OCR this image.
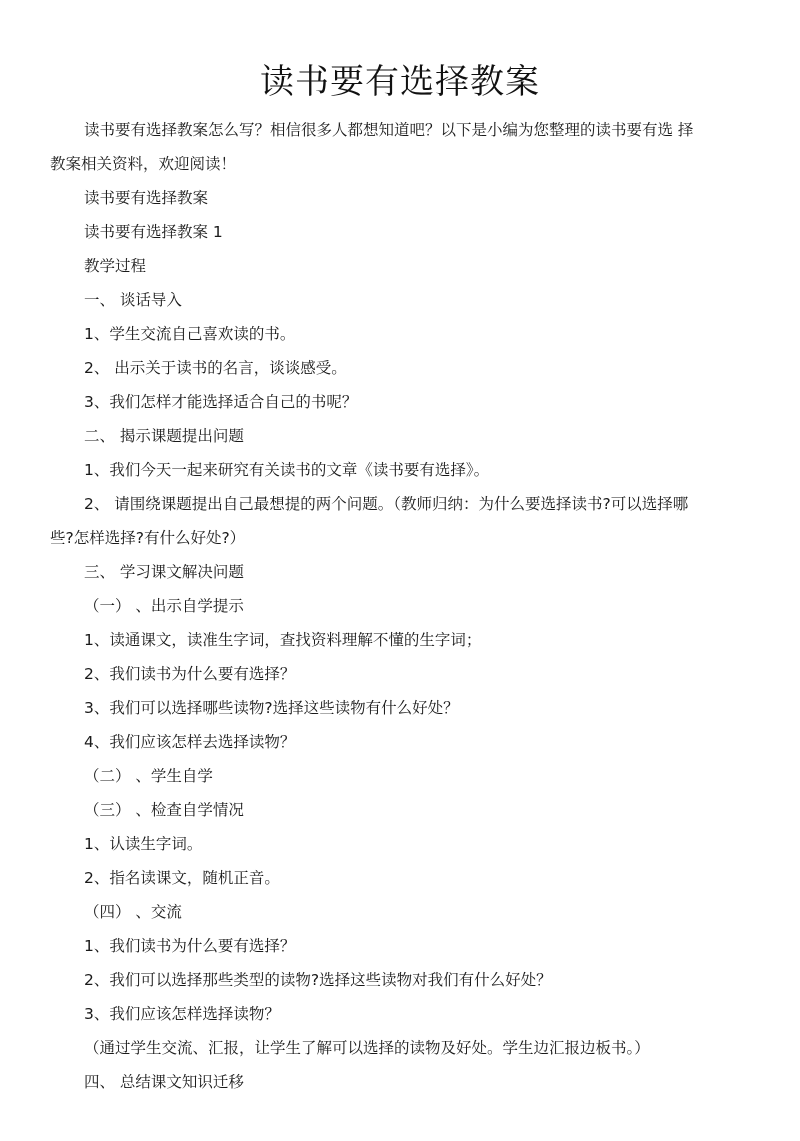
读书要有选择教案
读书要有选择教案怎么写？相信很多人都想知道吧？以下是小编为您整理的读书要有选 择
教案相关资料，欢迎阅读！
读书要有选择教案
读书要有选择教案 1
教学过程
一、 谈话导入
1、学生交流自己喜欢读的书。
2、 出示关于读书的名言，谈谈感受。
3、我们怎样才能选择适合自己的书呢？
二、 揭示课题提出问题
1、我们今天一起来研究有关读书的文章《读书要有选择》。
2、 请围绕课题提出自己最想提的两个问题。（教师归纳：为什么要选择读书?可以选择哪
些?怎样选择?有什么好处?）
三、 学习课文解决问题
（一） 、出示自学提示
1、读通课文，读准生字词，查找资料理解不懂的生字词；
2、我们读书为什么要有选择？
3、我们可以选择哪些读物?选择这些读物有什么好处？
4、我们应该怎样去选择读物？
（二） 、学生自学
（三） 、检查自学情况
1、认读生字词。
2、指名读课文，随机正音。
（四） 、交流
1、我们读书为什么要有选择？
2、我们可以选择那些类型的读物?选择这些读物对我们有什么好处？
3、我们应该怎样选择读物？
（通过学生交流、汇报，让学生了解可以选择的读物及好处。学生边汇报边板书。）
四、 总结课文知识迁移
